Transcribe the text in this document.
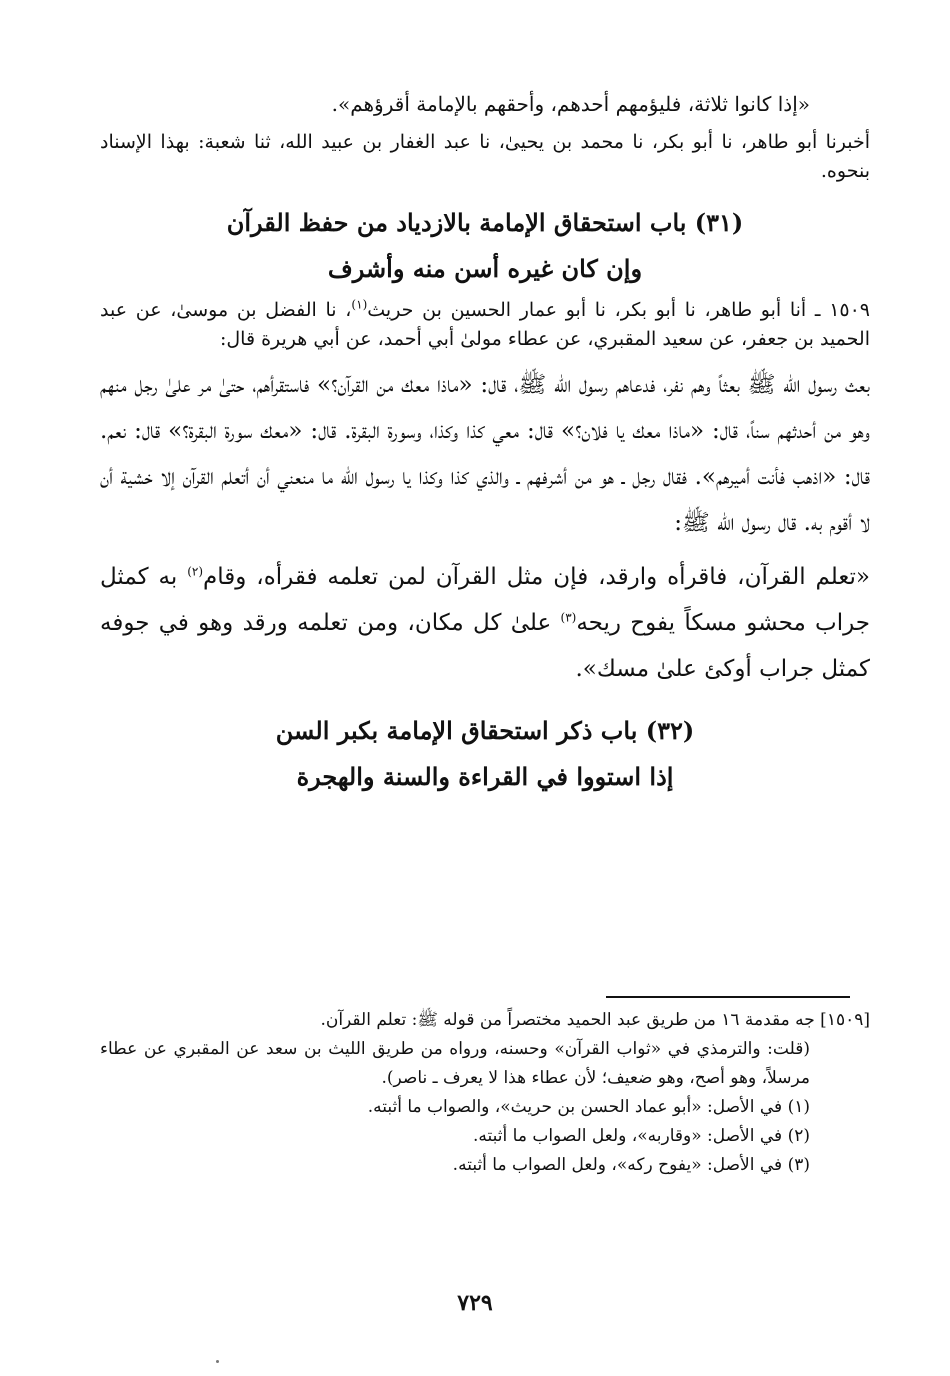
«إذا كانوا ثلاثة، فليؤمهم أحدهم، وأحقهم بالإمامة أقرؤهم».

أخبرنا أبو طاهر، نا أبو بكر، نا محمد بن يحيىٰ، نا عبد الغفار بن عبيد الله، ثنا شعبة: بهذا الإسناد بنحوه.

(٣١) باب استحقاق الإمامة بالازدياد من حفظ القرآن

وإن كان غيره أسن منه وأشرف

١٥٠٩ ـ أنا أبو طاهر، نا أبو بكر، نا أبو عمار الحسين بن حريث$^{(١)}$، نا الفضل بن موسىٰ، عن عبد الحميد بن جعفر، عن سعيد المقبري، عن عطاء مولىٰ أبي أحمد، عن أبي هريرة قال:

بعث رسول الله ﷺ بعثاً وهم نفر، فدعاهم رسول الله ﷺ، قال: «ماذا معك من القرآن؟» فاستقرأهم، حتىٰ مر علىٰ رجل منهم وهو من أحدثهم سناً، قال: «ماذا معك يا فلان؟» قال: معي كذا وكذا، وسورة البقرة. قال: «معك سورة البقرة؟» قال: نعم. قال: «اذهب فأنت أميرهم». فقال رجل ـ هو من أشرفهم ـ والذي كذا وكذا يا رسول الله ما منعني أن أتعلم القرآن إلا خشية أن لا أقوم به. قال رسول الله ﷺ:

«تعلم القرآن، فاقرأه وارقد، فإن مثل القرآن لمن تعلمه فقرأه، وقام$^{(٢)}$ به كمثل جراب محشو مسكاً يفوح ريحه$^{(٣)}$ علىٰ كل مكان، ومن تعلمه ورقد وهو في جوفه كمثل جراب أوكئ علىٰ مسك».

(٣٢) باب ذكر استحقاق الإمامة بكبر السن

إذا استووا في القراءة والسنة والهجرة

[١٥٠٩] جه مقدمة ١٦ من طريق عبد الحميد مختصراً من قوله ﷺ: تعلم القرآن.

(قلت: والترمذي في «ثواب القرآن» وحسنه، ورواه من طريق الليث بن سعد عن المقبري عن عطاء مرسلاً، وهو أصح، وهو ضعيف؛ لأن عطاء هذا لا يعرف ـ ناصر).

(١) في الأصل: «أبو عماد الحسن بن حريث»، والصواب ما أثبته.

(٢) في الأصل: «وقاربه»، ولعل الصواب ما أثبته.

(٣) في الأصل: «يفوح ركه»، ولعل الصواب ما أثبته.

٧٢٩
